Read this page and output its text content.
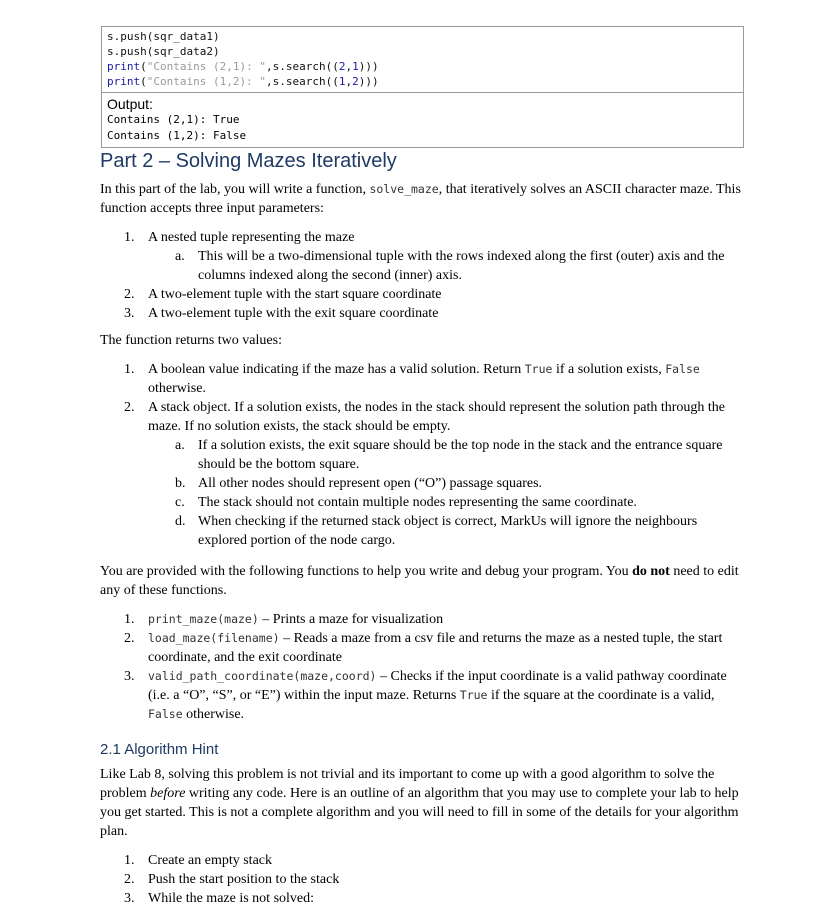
s.push(sqr_data1)
s.push(sqr_data2)
print("Contains (2,1): ",s.search((2,1)))
print("Contains (1,2): ",s.search((1,2)))
Output:
Contains (2,1): True
Contains (1,2): False
Part 2 – Solving Mazes Iteratively

In this part of the lab, you will write a function, solve_maze, that iteratively solves an ASCII character maze. This function accepts three input parameters:

1. A nested tuple representing the maze
a. This will be a two-dimensional tuple with the rows indexed along the first (outer) axis and the columns indexed along the second (inner) axis.
2. A two-element tuple with the start square coordinate
3. A two-element tuple with the exit square coordinate

The function returns two values:

1. A boolean value indicating if the maze has a valid solution. Return True if a solution exists, False otherwise.
2. A stack object. If a solution exists, the nodes in the stack should represent the solution path through the maze. If no solution exists, the stack should be empty.
a. If a solution exists, the exit square should be the top node in the stack and the entrance square should be the bottom square.
b. All other nodes should represent open (“O”) passage squares.
c. The stack should not contain multiple nodes representing the same coordinate.
d. When checking if the returned stack object is correct, MarkUs will ignore the neighbours explored portion of the node cargo.

You are provided with the following functions to help you write and debug your program. You do not need to edit any of these functions.

1. print_maze(maze) – Prints a maze for visualization
2. load_maze(filename) – Reads a maze from a csv file and returns the maze as a nested tuple, the start coordinate, and the exit coordinate
3. valid_path_coordinate(maze,coord) – Checks if the input coordinate is a valid pathway coordinate (i.e. a “O”, “S”, or “E”) within the input maze. Returns True if the square at the coordinate is a valid, False otherwise.
2.1 Algorithm Hint

Like Lab 8, solving this problem is not trivial and its important to come up with a good algorithm to solve the problem before writing any code. Here is an outline of an algorithm that you may use to complete your lab to help you get started. This is not a complete algorithm and you will need to fill in some of the details for your algorithm plan.

1. Create an empty stack
2. Push the start position to the stack
3. While the maze is not solved:
